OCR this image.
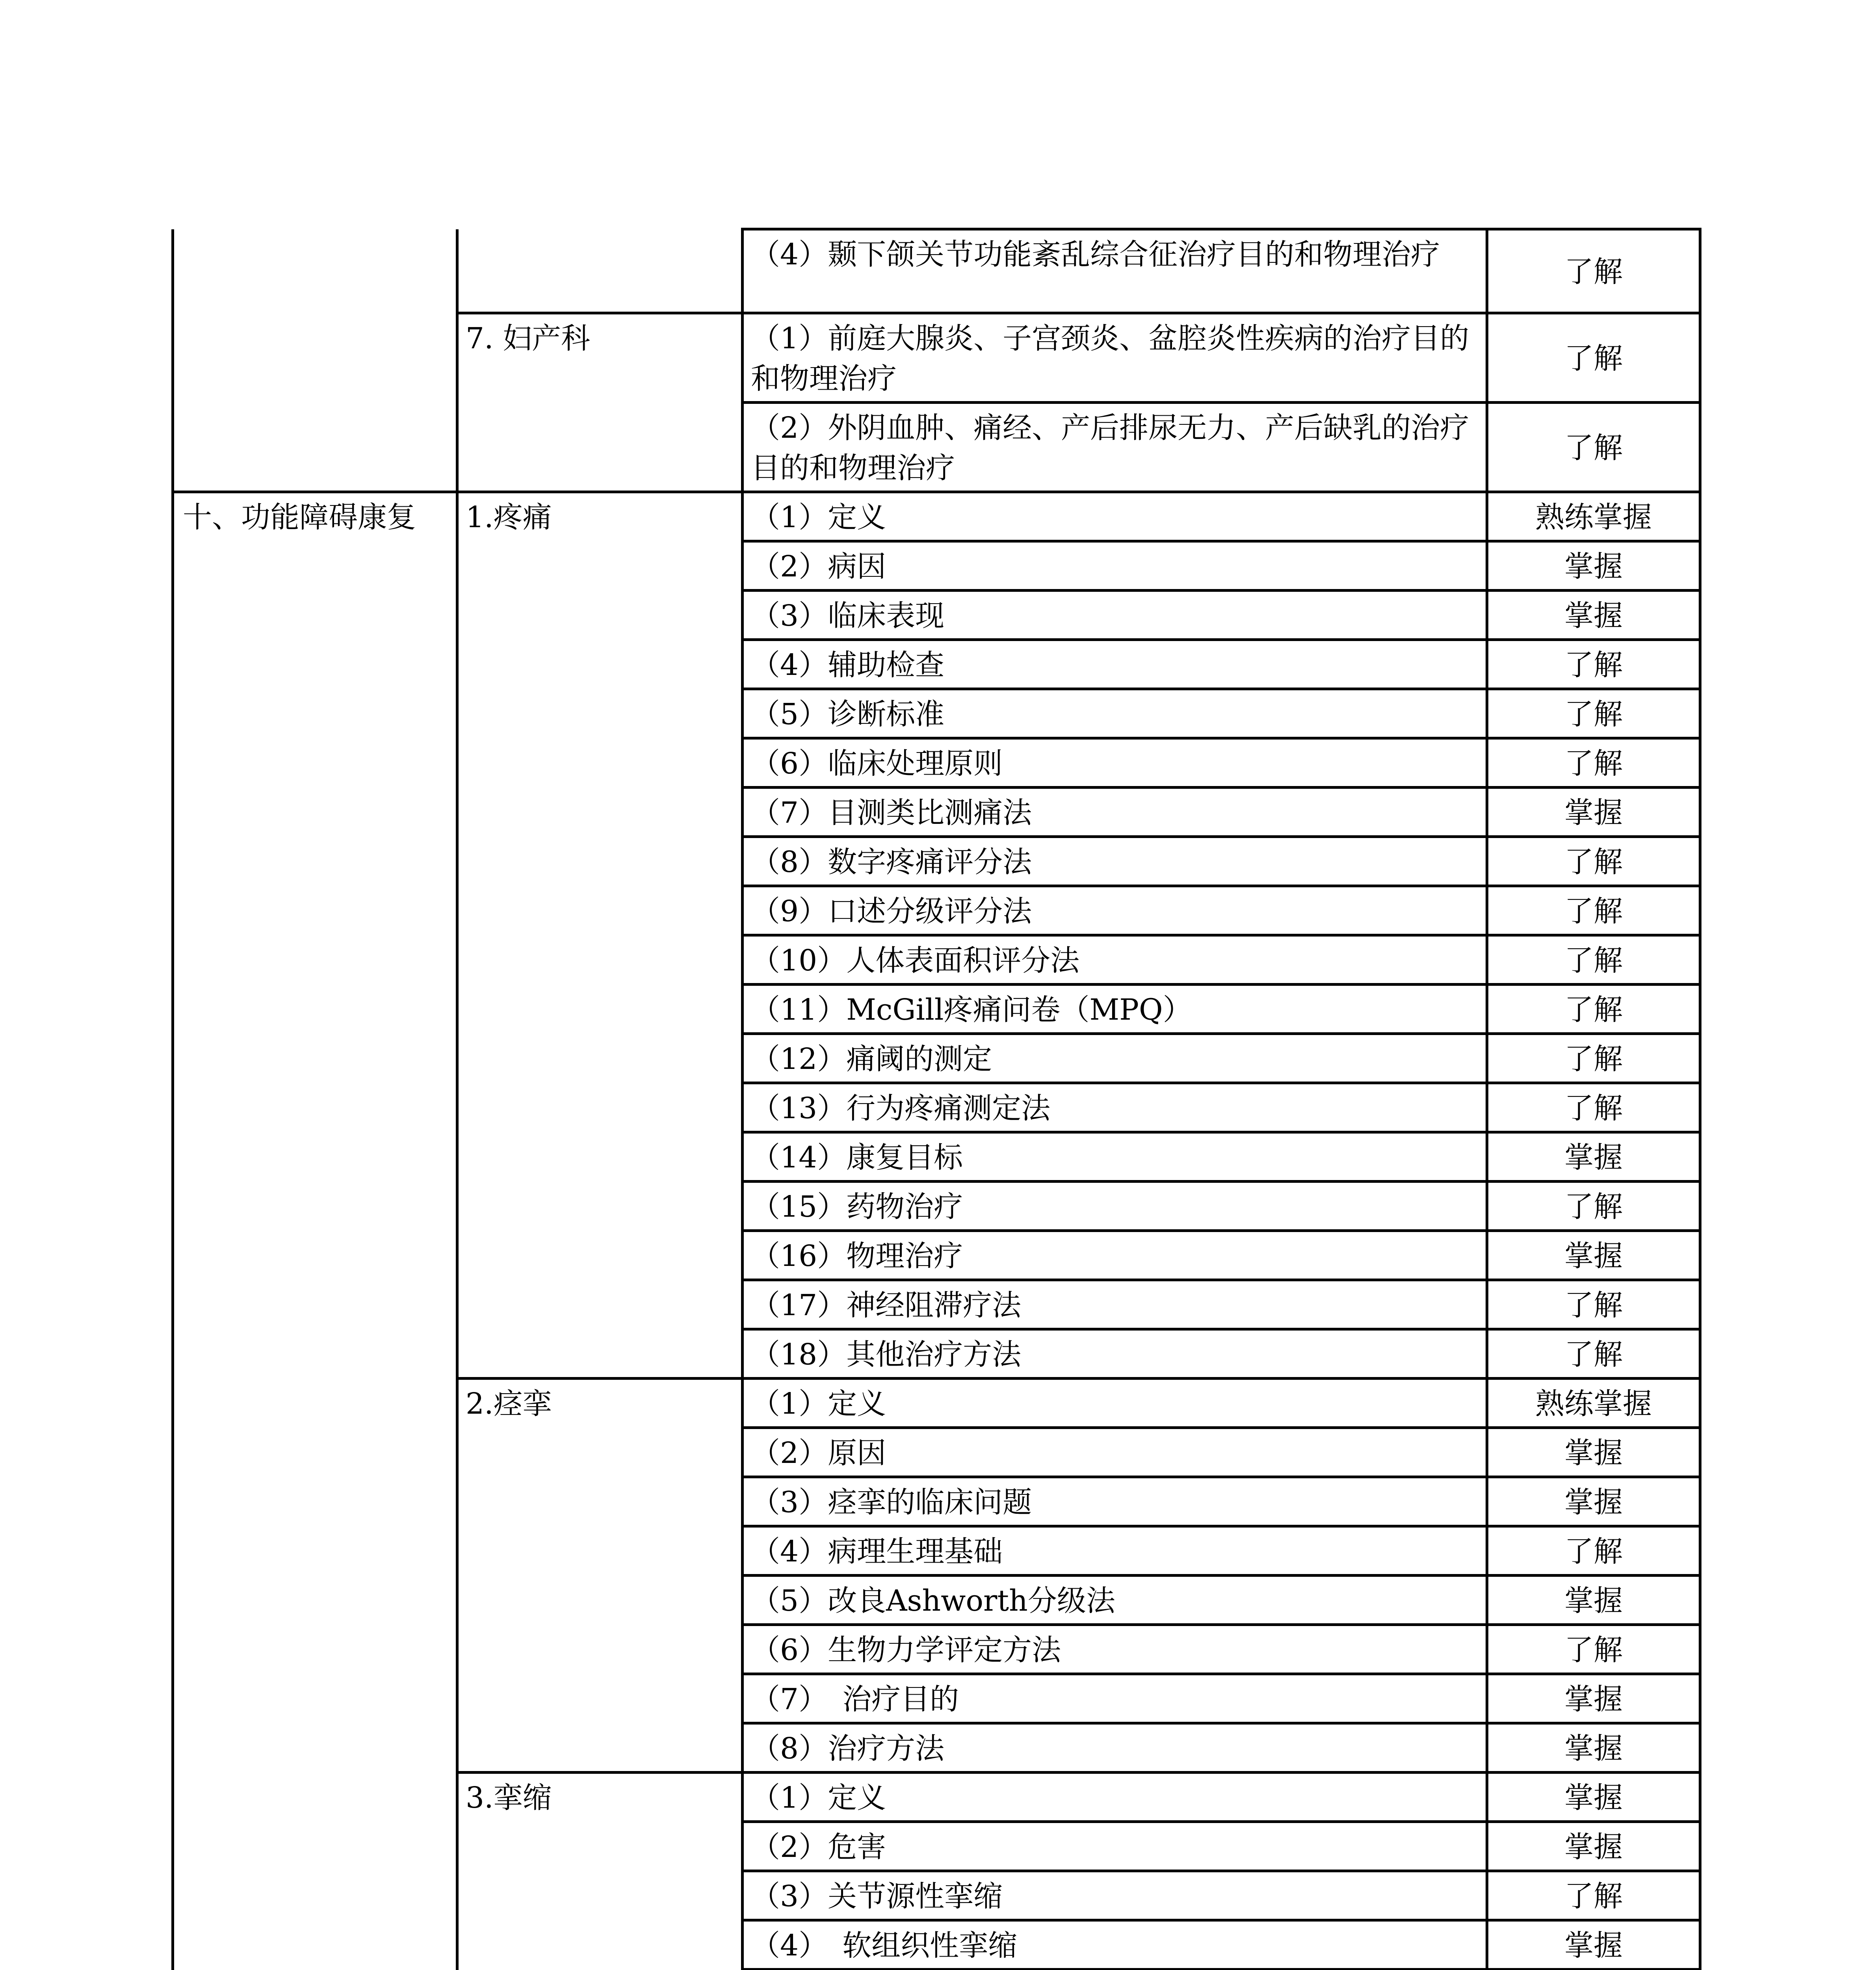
		（4）颞下颌关节功能紊乱综合征治疗目的和物理治疗	了解
	7. 妇产科	（1）前庭大腺炎、子宫颈炎、盆腔炎性疾病的治疗目的和物理治疗	了解
		（2）外阴血肿、痛经、产后排尿无力、产后缺乳的治疗目的和物理治疗	了解
十、功能障碍康复	1.疼痛	（1）定义	熟练掌握
		（2）病因	掌握
		（3）临床表现	掌握
		（4）辅助检查	了解
		（5）诊断标准	了解
		（6）临床处理原则	了解
		（7）目测类比测痛法	掌握
		（8）数字疼痛评分法	了解
		（9）口述分级评分法	了解
		（10）人体表面积评分法	了解
		（11）McGill疼痛问卷（MPQ）	了解
		（12）痛阈的测定	了解
		（13）行为疼痛测定法	了解
		（14）康复目标	掌握
		（15）药物治疗	了解
		（16）物理治疗	掌握
		（17）神经阻滞疗法	了解
		（18）其他治疗方法	了解
	2.痉挛	（1）定义	熟练掌握
		（2）原因	掌握
		（3）痉挛的临床问题	掌握
		（4）病理生理基础	了解
		（5）改良Ashworth分级法	掌握
		（6）生物力学评定方法	了解
		（7）　治疗目的	掌握
		（8）治疗方法	掌握
	3.挛缩	（1）定义	掌握
		（2）危害	掌握
		（3）关节源性挛缩	了解
		（4）　软组织性挛缩	掌握
